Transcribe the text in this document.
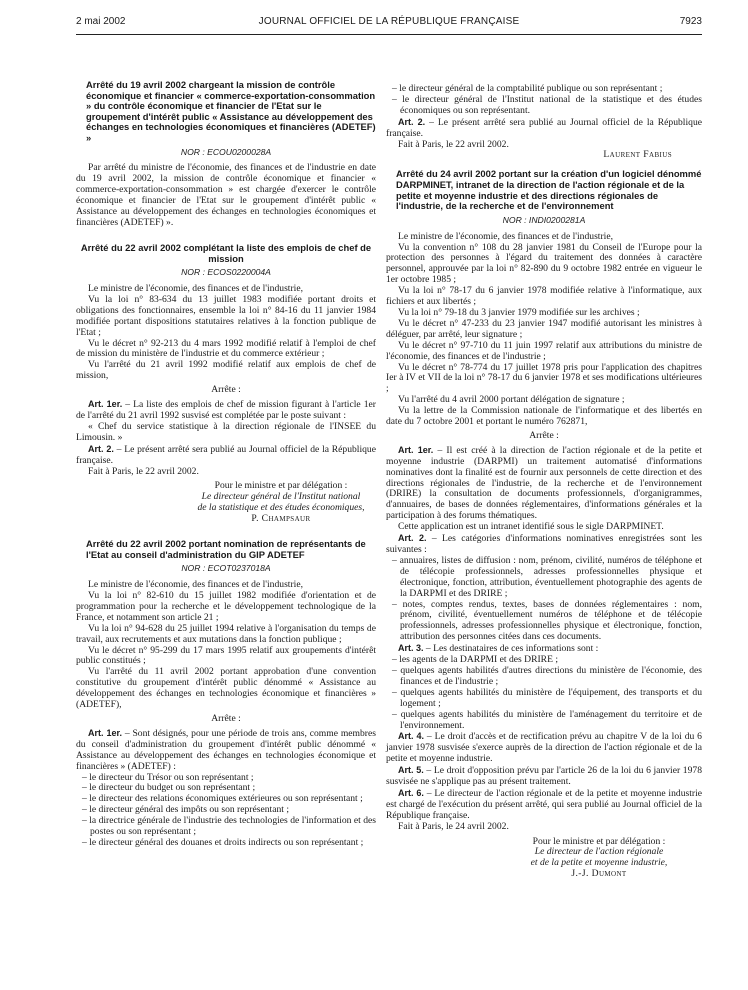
2 mai 2002	JOURNAL OFFICIEL DE LA RÉPUBLIQUE FRANÇAISE	7923

Arrêté du 19 avril 2002 chargeant la mission de contrôle économique et financier « commerce-exportation-consommation » du contrôle économique et financier de l'Etat sur le groupement d'intérêt public « Assistance au développement des échanges en technologies économiques et financières (ADETEF) »

NOR : ECOU0200028A

Par arrêté du ministre de l'économie, des finances et de l'industrie en date du 19 avril 2002, la mission de contrôle économique et financier « commerce-exportation-consommation » est chargée d'exercer le contrôle économique et financier de l'Etat sur le groupement d'intérêt public « Assistance au développement des échanges en technologies économiques et financières (ADETEF) ».

Arrêté du 22 avril 2002 complétant la liste des emplois de chef de mission

NOR : ECOS0220004A

Le ministre de l'économie, des finances et de l'industrie,

Vu la loi n° 83-634 du 13 juillet 1983 modifiée portant droits et obligations des fonctionnaires, ensemble la loi n° 84-16 du 11 janvier 1984 modifiée portant dispositions statutaires relatives à la fonction publique de l'Etat ;

Vu le décret n° 92-213 du 4 mars 1992 modifié relatif à l'emploi de chef de mission du ministère de l'industrie et du commerce extérieur ;

Vu l'arrêté du 21 avril 1992 modifié relatif aux emplois de chef de mission,

Arrête :

Art. 1er. – La liste des emplois de chef de mission figurant à l'article 1er de l'arrêté du 21 avril 1992 susvisé est complétée par le poste suivant :

« Chef du service statistique à la direction régionale de l'INSEE du Limousin. »

Art. 2. – Le présent arrêté sera publié au Journal officiel de la République française.

Fait à Paris, le 22 avril 2002.

Pour le ministre et par délégation :

Le directeur général de l'Institut national

de la statistique et des études économiques,

P. Champsaur

Arrêté du 22 avril 2002 portant nomination de représentants de l'Etat au conseil d'administration du GIP ADETEF

NOR : ECOT0237018A

Le ministre de l'économie, des finances et de l'industrie,

Vu la loi n° 82-610 du 15 juillet 1982 modifiée d'orientation et de programmation pour la recherche et le développement technologique de la France, et notamment son article 21 ;

Vu la loi n° 94-628 du 25 juillet 1994 relative à l'organisation du temps de travail, aux recrutements et aux mutations dans la fonction publique ;

Vu le décret n° 95-299 du 17 mars 1995 relatif aux groupements d'intérêt public constitués ;

Vu l'arrêté du 11 avril 2002 portant approbation d'une convention constitutive du groupement d'intérêt public dénommé « Assistance au développement des échanges en technologies économique et financières » (ADETEF),

Arrête :

Art. 1er. – Sont désignés, pour une période de trois ans, comme membres du conseil d'administration du groupement d'intérêt public dénommé « Assistance au développement des échanges en technologies économique et financières » (ADETEF) :

– le directeur du Trésor ou son représentant ;

– le directeur du budget ou son représentant ;

– le directeur des relations économiques extérieures ou son représentant ;

– le directeur général des impôts ou son représentant ;

– la directrice générale de l'industrie des technologies de l'information et des postes ou son représentant ;

– le directeur général des douanes et droits indirects ou son représentant ;

– le directeur général de la comptabilité publique ou son représentant ;

– le directeur général de l'Institut national de la statistique et des études économiques ou son représentant.

Art. 2. – Le présent arrêté sera publié au Journal officiel de la République française.

Fait à Paris, le 22 avril 2002.

Laurent Fabius

Arrêté du 24 avril 2002 portant sur la création d'un logiciel dénommé DARPMINET, intranet de la direction de l'action régionale et de la petite et moyenne industrie et des directions régionales de l'industrie, de la recherche et de l'environnement

NOR : INDI0200281A

Le ministre de l'économie, des finances et de l'industrie,

Vu la convention n° 108 du 28 janvier 1981 du Conseil de l'Europe pour la protection des personnes à l'égard du traitement des données à caractère personnel, approuvée par la loi n° 82-890 du 9 octobre 1982 entrée en vigueur le 1er octobre 1985 ;

Vu la loi n° 78-17 du 6 janvier 1978 modifiée relative à l'informatique, aux fichiers et aux libertés ;

Vu la loi n° 79-18 du 3 janvier 1979 modifiée sur les archives ;

Vu le décret n° 47-233 du 23 janvier 1947 modifié autorisant les ministres à déléguer, par arrêté, leur signature ;

Vu le décret n° 97-710 du 11 juin 1997 relatif aux attributions du ministre de l'économie, des finances et de l'industrie ;

Vu le décret n° 78-774 du 17 juillet 1978 pris pour l'application des chapitres Ier à IV et VII de la loi n° 78-17 du 6 janvier 1978 et ses modifications ultérieures ;

Vu l'arrêté du 4 avril 2000 portant délégation de signature ;

Vu la lettre de la Commission nationale de l'informatique et des libertés en date du 7 octobre 2001 et portant le numéro 762871,

Arrête :

Art. 1er. – Il est créé à la direction de l'action régionale et de la petite et moyenne industrie (DARPMI) un traitement automatisé d'informations nominatives dont la finalité est de fournir aux personnels de cette direction et des directions régionales de l'industrie, de la recherche et de l'environnement (DRIRE) la consultation de documents professionnels, d'organigrammes, d'annuaires, de bases de données réglementaires, d'informations générales et la participation à des forums thématiques.

Cette application est un intranet identifié sous le sigle DARPMINET.

Art. 2. – Les catégories d'informations nominatives enregistrées sont les suivantes :

– annuaires, listes de diffusion : nom, prénom, civilité, numéros de téléphone et de télécopie professionnels, adresses professionnelles physique et électronique, fonction, attribution, éventuellement photographie des agents de la DARPMI et des DRIRE ;

– notes, comptes rendus, textes, bases de données réglementaires : nom, prénom, civilité, éventuellement numéros de téléphone et de télécopie professionnels, adresses professionnelles physique et électronique, fonction, attribution des personnes citées dans ces documents.

Art. 3. – Les destinataires de ces informations sont :

– les agents de la DARPMI et des DRIRE ;

– quelques agents habilités d'autres directions du ministère de l'économie, des finances et de l'industrie ;

– quelques agents habilités du ministère de l'équipement, des transports et du logement ;

– quelques agents habilités du ministère de l'aménagement du territoire et de l'environnement.

Art. 4. – Le droit d'accès et de rectification prévu au chapitre V de la loi du 6 janvier 1978 susvisée s'exerce auprès de la direction de l'action régionale et de la petite et moyenne industrie.

Art. 5. – Le droit d'opposition prévu par l'article 26 de la loi du 6 janvier 1978 susvisée ne s'applique pas au présent traitement.

Art. 6. – Le directeur de l'action régionale et de la petite et moyenne industrie est chargé de l'exécution du présent arrêté, qui sera publié au Journal officiel de la République française.

Fait à Paris, le 24 avril 2002.

Pour le ministre et par délégation :

Le directeur de l'action régionale

et de la petite et moyenne industrie,

J.-J. Dumont
